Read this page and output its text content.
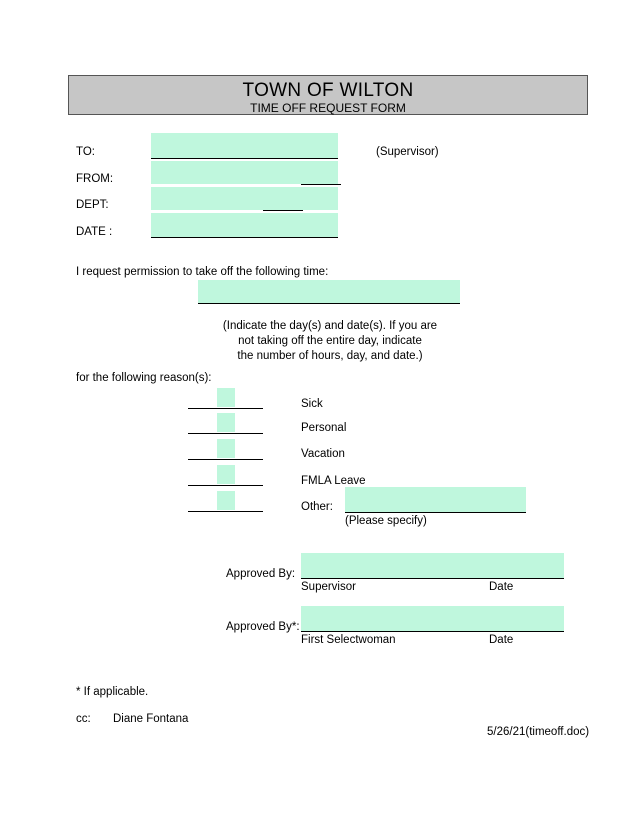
TOWN OF WILTON
TIME OFF REQUEST FORM
TO:	(Supervisor)
FROM:
DEPT:
DATE :
I request permission to take off the following time:
(Indicate the day(s) and date(s). If you are
not taking off the entire day, indicate
the number of hours, day, and date.)
for the following reason(s):
Sick
Personal
Vacation
FMLA Leave
Other:
(Please specify)
Approved By:
Supervisor	Date
Approved By*:
First Selectwoman	Date
* If applicable.
cc: Diane Fontana
5/26/21(timeoff.doc)
